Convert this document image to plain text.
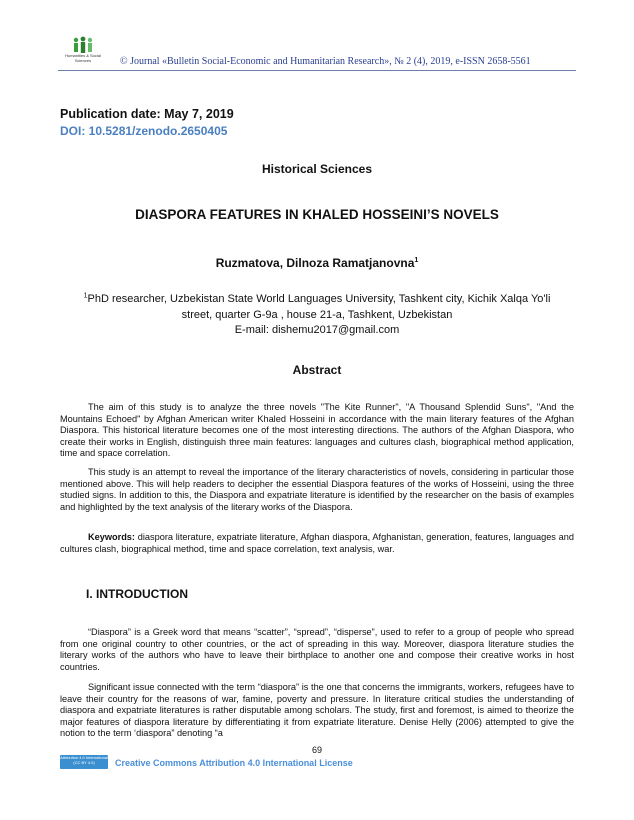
Humanities & Social Sciences	© Journal «Bulletin Social-Economic and Humanitarian Research», № 2 (4), 2019, e-ISSN 2658-5561
Publication date: May 7, 2019
DOI: 10.5281/zenodo.2650405
Historical Sciences
DIASPORA FEATURES IN KHALED HOSSEINI’S NOVELS
Ruzmatova, Dilnoza Ramatjanovna$^1$
$^1$PhD researcher, Uzbekistan State World Languages University, Tashkent city, Kichik Xalqa Yo'li
street, quarter G-9a , house 21-a, Tashkent, Uzbekistan
E-mail: dishemu2017@gmail.com
Abstract
The aim of this study is to analyze the three novels "The Kite Runner", "A Thousand Splendid Suns", "And the Mountains Echoed" by Afghan American writer Khaled Hosseini in accordance with the main literary features of the Afghan Diaspora. This historical literature becomes one of the most interesting directions. The authors of the Afghan Diaspora, who create their works in English, distinguish three main features: languages and cultures clash, biographical method application, time and space correlation.
This study is an attempt to reveal the importance of the literary characteristics of novels, considering in particular those mentioned above. This will help readers to decipher the essential Diaspora features of the works of Hosseini, using the three studied signs. In addition to this, the Diaspora and expatriate literature is identified by the researcher on the basis of examples and highlighted by the text analysis of the literary works of the Diaspora.
Keywords: diaspora literature, expatriate literature, Afghan diaspora, Afghanistan, generation, features, languages and cultures clash, biographical method, time and space correlation, text analysis, war.
I. INTRODUCTION
“Diaspora” is a Greek word that means “scatter”, “spread”, “disperse”, used to refer to a group of people who spread from one original country to other countries, or the act of spreading in this way. Moreover, diaspora literature studies the literary works of the authors who have to leave their birthplace to another one and compose their creative works in host countries.
Significant issue connected with the term “diaspora” is the one that concerns the immigrants, workers, refugees have to leave their country for the reasons of war, famine, poverty and pressure. In literature critical studies the understanding of diaspora and expatriate literatures is rather disputable among scholars. The study, first and foremost, is aimed to theorize the major features of diaspora literature by differentiating it from expatriate literature. Denise Helly (2006) attempted to give the notion to the term ‘diaspora” denoting “a
69
Attribution 4.0 International (CC BY 4.0)	Creative Commons Attribution 4.0 International License
